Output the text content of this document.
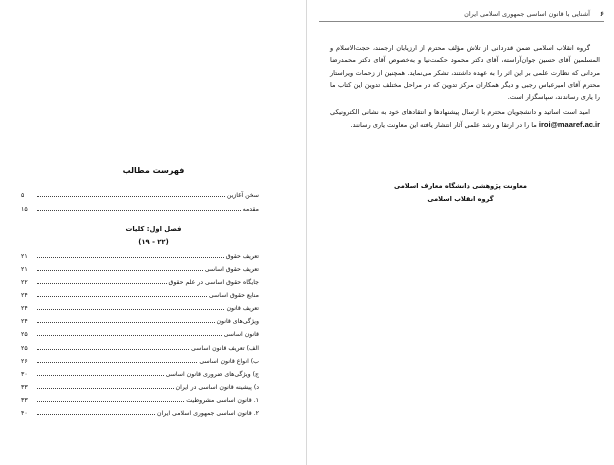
فهرست مطالب
سخن آغازین
۵
مقدمه
۱۵
فصل اول: کلیات
(۲۲ - ۱۹)
تعریف حقوق
۲۱
تعریف حقوق اساسی
۲۱
جایگاه حقوق اساسی در علم حقوق
۲۲
منابع حقوق اساسی
۲۴
تعریف قانون
۲۴
ویژگی‌های قانون
۲۴
قانون اساسی
۲۵
الف) تعریف قانون اساسی
۲۵
ب) انواع قانون اساسی
۲۶
ج) ویژگی‌های ضروری قانون اساسی
۳۰
د) پیشینه قانون اساسی در ایران
۳۳
۱. قانون اساسی مشروطیت
۳۳
۲. قانون اساسی جمهوری اسلامی ایران
۴۰
۶
آشنایی با قانون اساسی جمهوری اسلامی ایران

گروه انقلاب اسلامی ضمن قدردانی از تلاش مؤلف محترم از ارزیابان ارجمند، حجت‌الاسلام و المسلمین آقای حسین جوان‌آراسته، آقای دکتر محمود حکمت‌نیا و به‌خصوص آقای دکتر محمدرضا مردانی که نظارت علمی بر این اثر را به عهده داشتند، تشکر می‌نماید. همچنین از زحمات ویراستار محترم آقای امیرعباس رجبی و دیگر همکاران مرکز تدوین که در مراحل مختلف تدوین این کتاب ما را یاری رساندند، سپاسگزار است.

امید است اساتید و دانشجویان محترم با ارسال پیشنهادها و انتقادهای خود به نشانی الکترونیکی iroi@maaref.ac.ir ما را در ارتقا و رشد علمی آثار انتشار یافته این معاونت یاری رسانند.

معاونت پژوهشی دانشگاه معارف اسلامی
گروه انقلاب اسلامی
